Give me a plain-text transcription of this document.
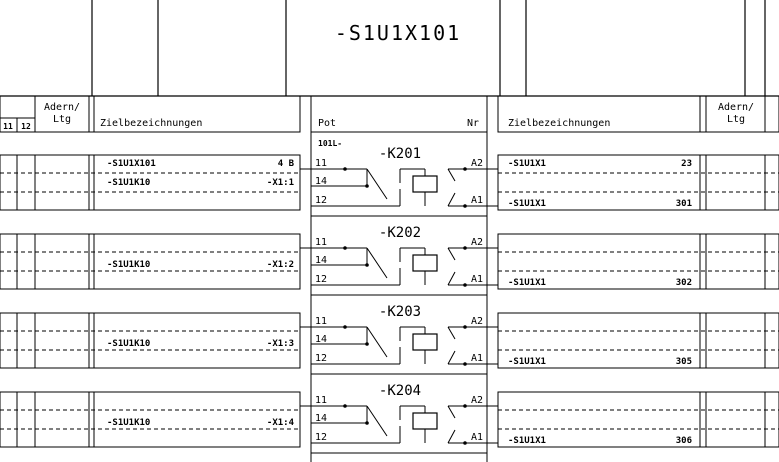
-S1U1X101
11 12
Adern/
Ltg	Zielbezeichnungen	Pot	Nr	Zielbezeichnungen
Adern/
Ltg
101L-
-K201
11
14
12
A2
A1
-S1U1X101	4 B
-S1U1K10	-X1:1
-S1U1X1	23
-S1U1X1	301
-K202
11
14
12
A2
A1
-S1U1K10	-X1:2
-S1U1X1	302
-K203
11
14
12
A2
A1
-S1U1K10	-X1:3
-S1U1X1	305
-K204
11
14
12
A2
A1
-S1U1K10	-X1:4
-S1U1X1	306
